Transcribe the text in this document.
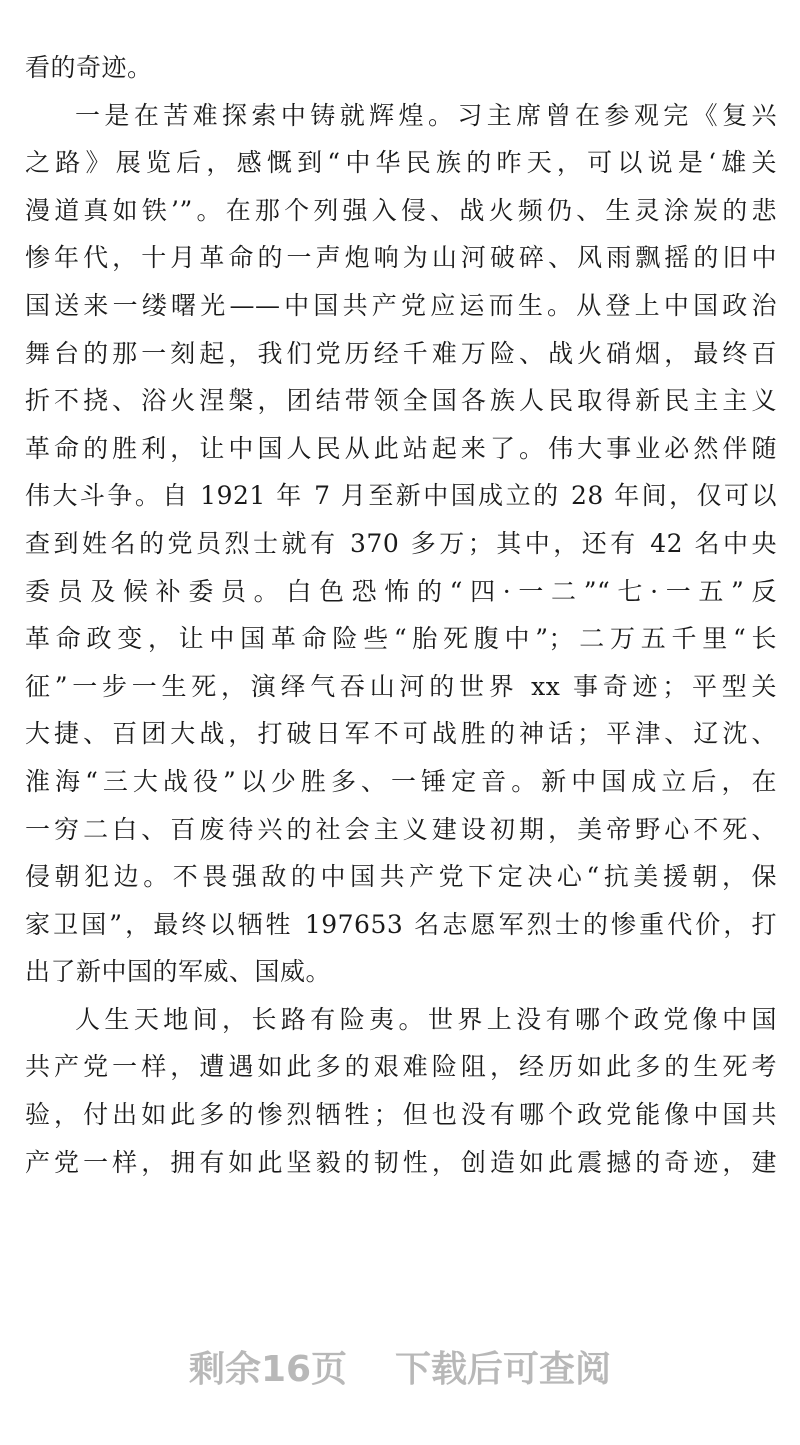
看的奇迹。
一是在苦难探索中铸就辉煌。习主席曾在参观完《复兴
之路》展览后，感慨到“中华民族的昨天，可以说是‘雄关
漫道真如铁’”。在那个列强入侵、战火频仍、生灵涂炭的悲
惨年代，十月革命的一声炮响为山河破碎、风雨飘摇的旧中
国送来一缕曙光——中国共产党应运而生。从登上中国政治
舞台的那一刻起，我们党历经千难万险、战火硝烟，最终百
折不挠、浴火涅槃，团结带领全国各族人民取得新民主主义
革命的胜利，让中国人民从此站起来了。伟大事业必然伴随
伟大斗争。自 1921 年 7 月至新中国成立的 28 年间，仅可以
查到姓名的党员烈士就有 370 多万；其中，还有 42 名中央
委员及候补委员。白色恐怖的“四·一二”“七·一五”反
革命政变，让中国革命险些“胎死腹中”；二万五千里“长
征”一步一生死，演绎气吞山河的世界 xx 事奇迹；平型关
大捷、百团大战，打破日军不可战胜的神话；平津、辽沈、
淮海“三大战役”以少胜多、一锤定音。新中国成立后，在
一穷二白、百废待兴的社会主义建设初期，美帝野心不死、
侵朝犯边。不畏强敌的中国共产党下定决心“抗美援朝，保
家卫国”，最终以牺牲 197653 名志愿军烈士的惨重代价，打
出了新中国的军威、国威。
人生天地间，长路有险夷。世界上没有哪个政党像中国
共产党一样，遭遇如此多的艰难险阻，经历如此多的生死考
验，付出如此多的惨烈牺牲；但也没有哪个政党能像中国共
产党一样，拥有如此坚毅的韧性，创造如此震撼的奇迹，建
剩余16页 下载后可查阅
